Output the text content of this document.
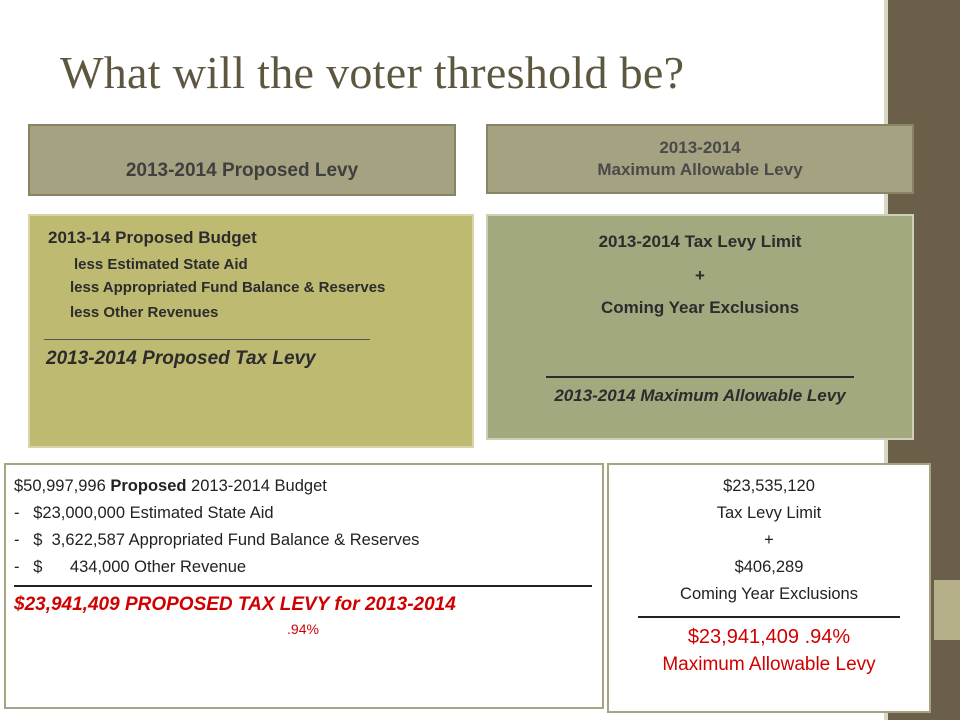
What will the voter threshold be?
2013-2014 Proposed Levy
2013-2014
Maximum Allowable Levy
2013-14 Proposed Budget
less Estimated State Aid
less Appropriated Fund Balance & Reserves
less Other Revenues
2013-2014 Proposed Tax Levy
2013-2014 Tax Levy Limit
+
Coming Year Exclusions
2013-2014 Maximum Allowable Levy
$50,997,996 Proposed 2013-2014 Budget
-   $23,000,000 Estimated State Aid
-   $  3,622,587 Appropriated Fund Balance & Reserves
-   $      434,000 Other Revenue
$23,941,409 PROPOSED TAX LEVY for 2013-2014
.94%
$23,535,120
Tax Levy Limit
+
$406,289
Coming Year Exclusions
$23,941,409 .94%
Maximum Allowable Levy
